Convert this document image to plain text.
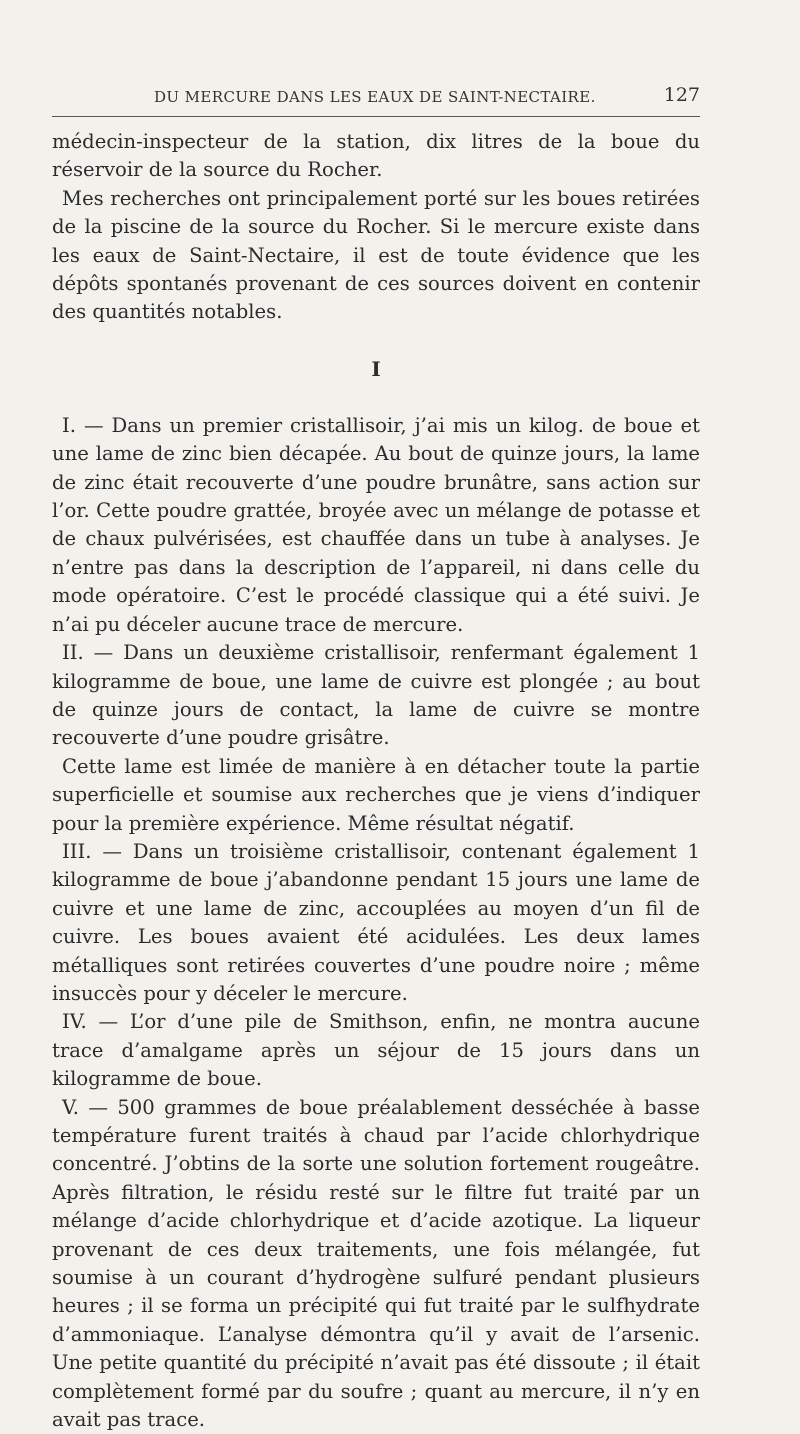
DU MERCURE DANS LES EAUX DE SAINT-NECTAIRE.	127

médecin-inspecteur de la station, dix litres de la boue du réservoir de la source du Rocher.

Mes recherches ont principalement porté sur les boues retirées de la piscine de la source du Rocher. Si le mercure existe dans les eaux de Saint-Nectaire, il est de toute évidence que les dépôts spontanés provenant de ces sources doivent en contenir des quantités notables.

I

I. — Dans un premier cristallisoir, j’ai mis un kilog. de boue et une lame de zinc bien décapée. Au bout de quinze jours, la lame de zinc était recouverte d’une poudre brunâtre, sans action sur l’or. Cette poudre grattée, broyée avec un mélange de potasse et de chaux pulvérisées, est chauffée dans un tube à analyses. Je n’entre pas dans la description de l’appareil, ni dans celle du mode opératoire. C’est le procédé classique qui a été suivi. Je n’ai pu déceler aucune trace de mercure.

II. — Dans un deuxième cristallisoir, renfermant également 1 kilogramme de boue, une lame de cuivre est plongée ; au bout de quinze jours de contact, la lame de cuivre se montre recouverte d’une poudre grisâtre.

Cette lame est limée de manière à en détacher toute la partie superficielle et soumise aux recherches que je viens d’indiquer pour la première expérience. Même résultat négatif.

III. — Dans un troisième cristallisoir, contenant également 1 kilogramme de boue j’abandonne pendant 15 jours une lame de cuivre et une lame de zinc, accouplées au moyen d’un fil de cuivre. Les boues avaient été acidulées. Les deux lames métalliques sont retirées couvertes d’une poudre noire ; même insuccès pour y déceler le mercure.

IV. — L’or d’une pile de Smithson, enfin, ne montra aucune trace d’amalgame après un séjour de 15 jours dans un kilogramme de boue.

V. — 500 grammes de boue préalablement desséchée à basse température furent traités à chaud par l’acide chlorhydrique concentré. J’obtins de la sorte une solution fortement rougeâtre. Après filtration, le résidu resté sur le filtre fut traité par un mélange d’acide chlorhydrique et d’acide azotique. La liqueur provenant de ces deux traitements, une fois mélangée, fut soumise à un courant d’hydrogène sulfuré pendant plusieurs heures ; il se forma un précipité qui fut traité par le sulfhydrate d’ammoniaque. L’analyse démontra qu’il y avait de l’arsenic. Une petite quantité du précipité n’avait pas été dissoute ; il était complètement formé par du soufre ; quant au mercure, il n’y en avait pas trace.
